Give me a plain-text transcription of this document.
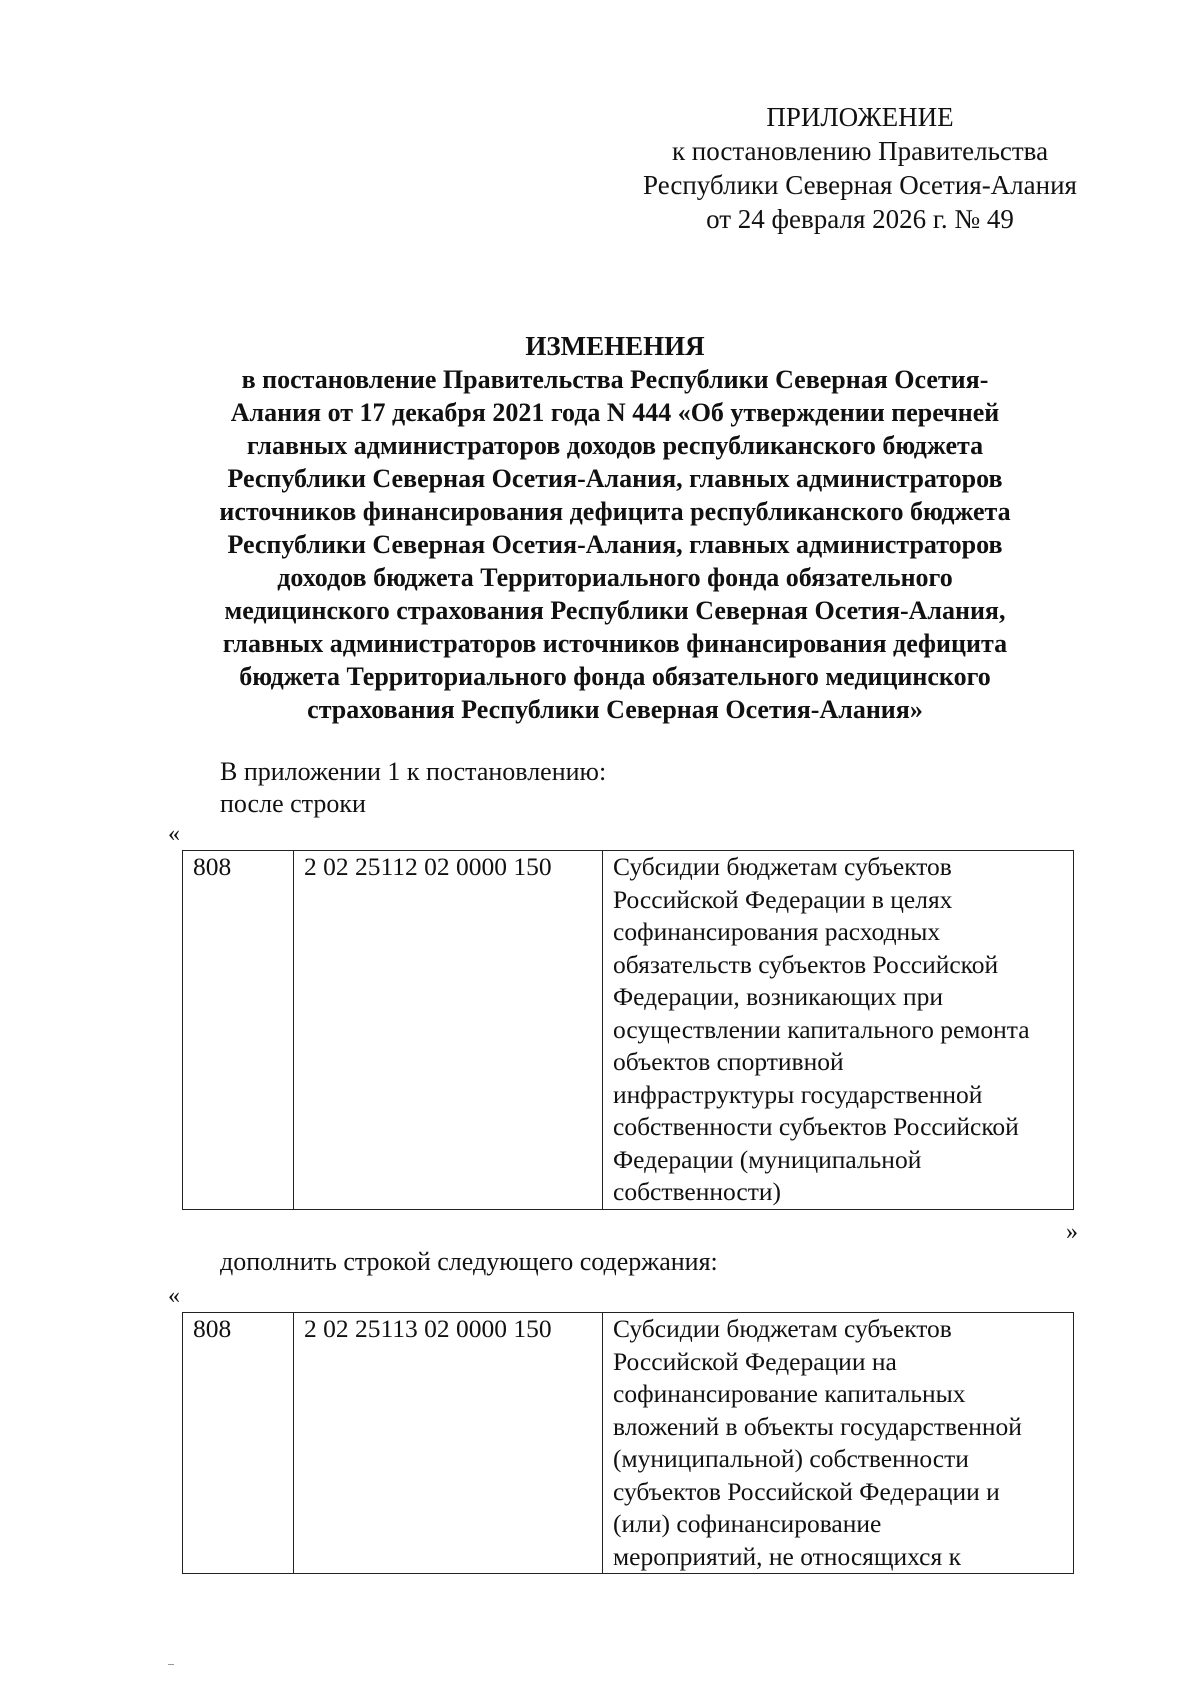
ПРИЛОЖЕНИЕ
к постановлению Правительства
Республики Северная Осетия-Алания
от 24 февраля 2026 г. № 49
ИЗМЕНЕНИЯ
в постановление Правительства Республики Северная Осетия-
Алания от 17 декабря 2021 года N 444 «Об утверждении перечней
главных администраторов доходов республиканского бюджета
Республики Северная Осетия-Алания, главных администраторов
источников финансирования дефицита республиканского бюджета
Республики Северная Осетия-Алания, главных администраторов
доходов бюджета Территориального фонда обязательного
медицинского страхования Республики Северная Осетия-Алания,
главных администраторов источников финансирования дефицита
бюджета Территориального фонда обязательного медицинского
страхования Республики Северная Осетия-Алания»
В приложении 1 к постановлению:
после строки
«
808	2 02 25112 02 0000 150	Субсидии бюджетам субъектов
Российской Федерации в целях
софинансирования расходных
обязательств субъектов Российской
Федерации, возникающих при
осуществлении капитального ремонта
объектов спортивной
инфраструктуры государственной
собственности субъектов Российской
Федерации (муниципальной
собственности)
»
дополнить строкой следующего содержания:
«
808	2 02 25113 02 0000 150	Субсидии бюджетам субъектов
Российской Федерации на
софинансирование капитальных
вложений в объекты государственной
(муниципальной) собственности
субъектов Российской Федерации и
(или) софинансирование
мероприятий, не относящихся к
